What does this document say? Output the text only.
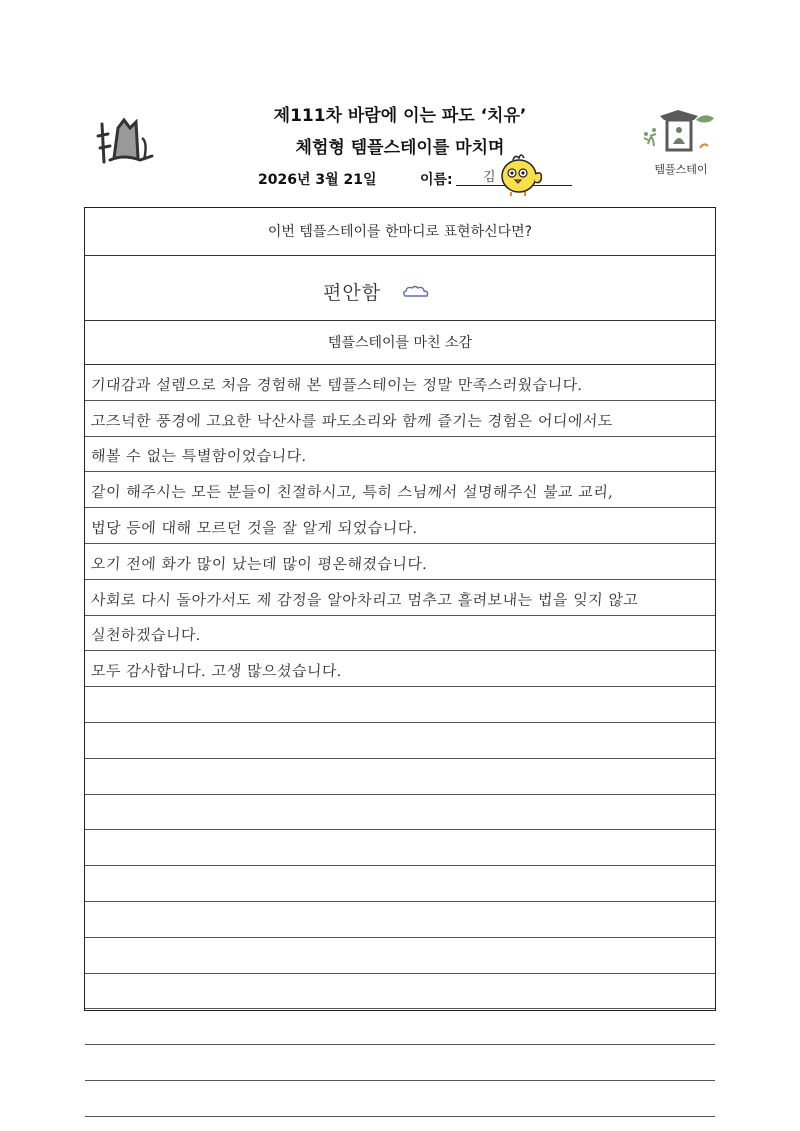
제111차 바람에 이는 파도 ‘치유’
체험형 템플스테이를 마치며
2026년 3월 21일	이름: 김
템플스테이
이번 템플스테이를 한마디로 표현하신다면?
편안함
템플스테이를 마친 소감
기대감과 설렘으로 처음 경험해 본 템플스테이는 정말 만족스러웠습니다.
고즈넉한 풍경에 고요한 낙산사를 파도소리와 함께 즐기는 경험은 어디에서도
해볼 수 없는 특별함이었습니다.
같이 해주시는 모든 분들이 친절하시고, 특히 스님께서 설명해주신 불교 교리,
법당 등에 대해 모르던 것을 잘 알게 되었습니다.
오기 전에 화가 많이 났는데 많이 평온해졌습니다.
사회로 다시 돌아가서도 제 감정을 알아차리고 멈추고 흘려보내는 법을 잊지 않고
실천하겠습니다.
모두 감사합니다. 고생 많으셨습니다.
